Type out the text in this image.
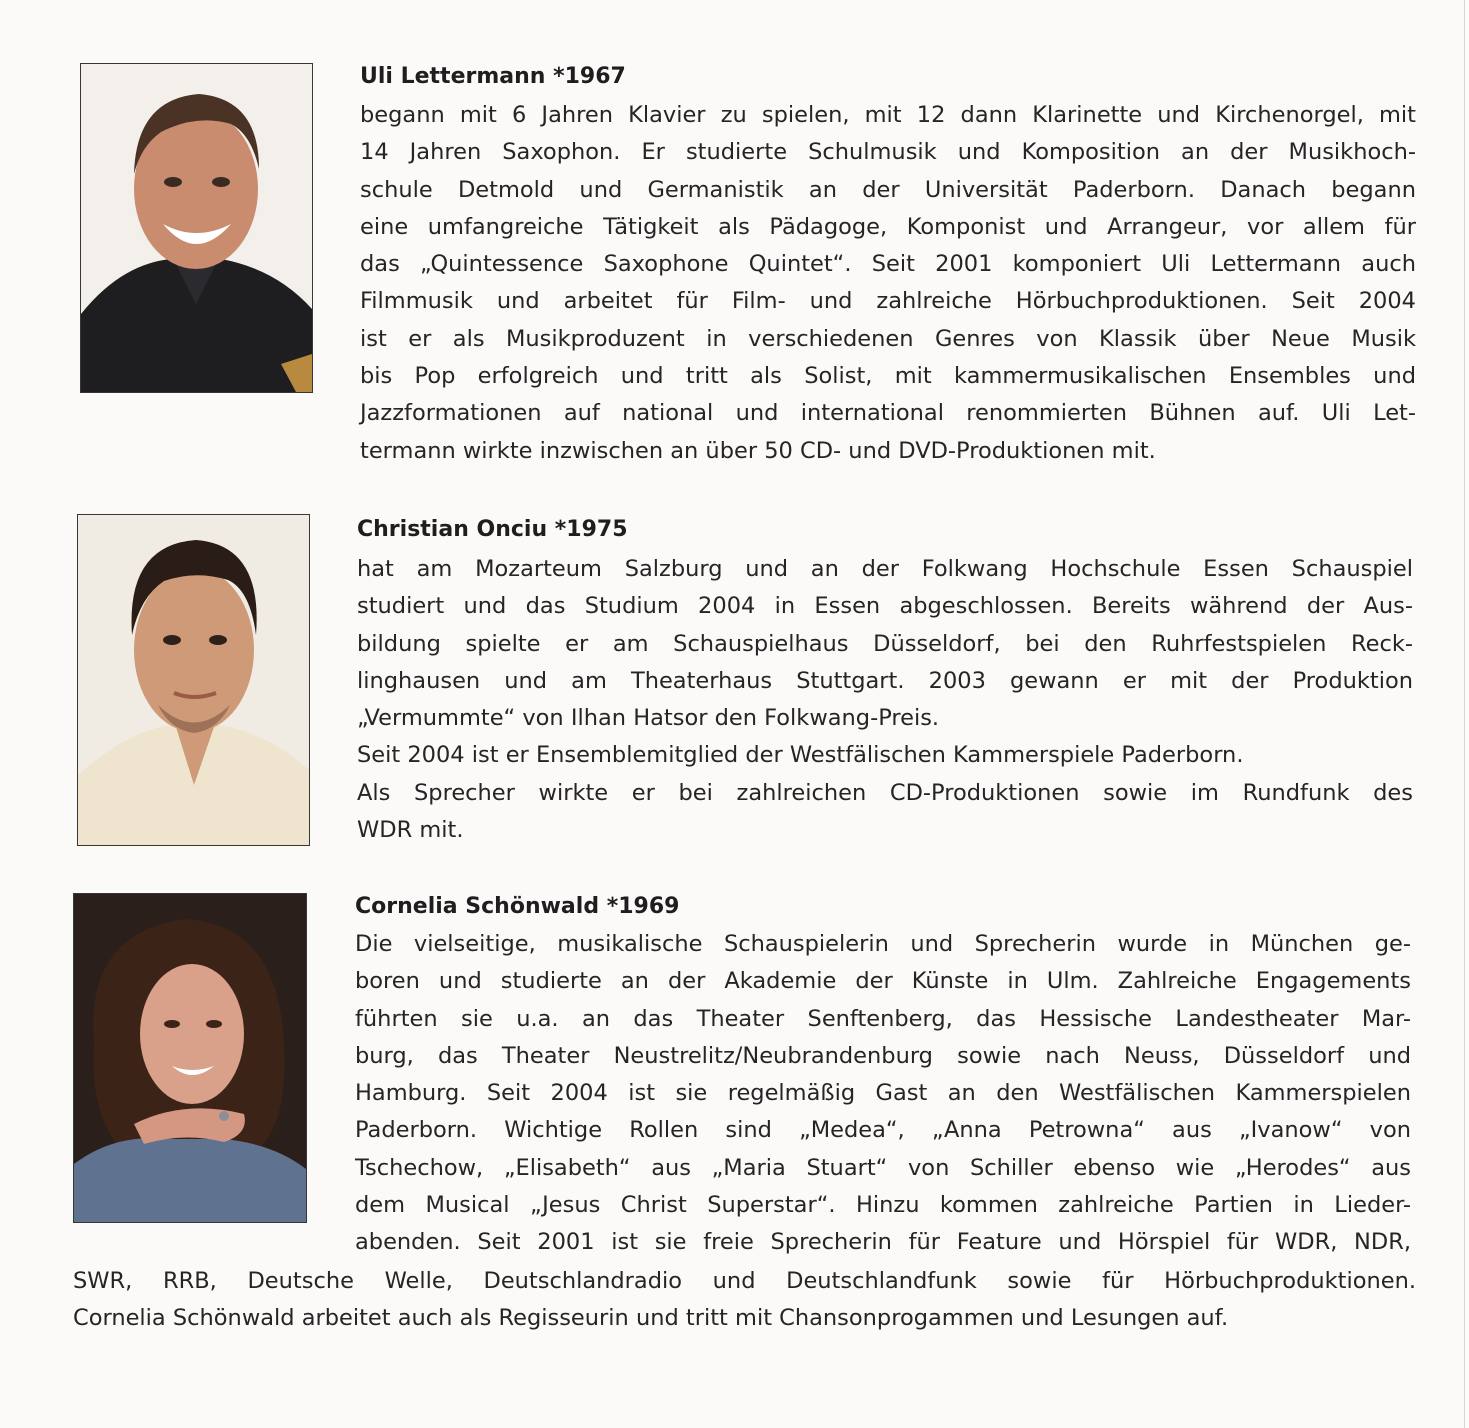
Uli Lettermann *1967
begann mit 6 Jahren Klavier zu spielen, mit 12 dann Klarinette und Kirchenorgel, mit
14 Jahren Saxophon. Er studierte Schulmusik und Komposition an der Musikhoch-
schule Detmold und Germanistik an der Universität Paderborn. Danach begann
eine umfangreiche Tätigkeit als Pädagoge, Komponist und Arrangeur, vor allem für
das „Quintessence Saxophone Quintet“. Seit 2001 komponiert Uli Lettermann auch
Filmmusik und arbeitet für Film- und zahlreiche Hörbuchproduktionen. Seit 2004
ist er als Musikproduzent in verschiedenen Genres von Klassik über Neue Musik
bis Pop erfolgreich und tritt als Solist, mit kammermusikalischen Ensembles und
Jazzformationen auf national und international renommierten Bühnen auf. Uli Let-
termann wirkte inzwischen an über 50 CD- und DVD-Produktionen mit.
Christian Onciu *1975
hat am Mozarteum Salzburg und an der Folkwang Hochschule Essen Schauspiel
studiert und das Studium 2004 in Essen abgeschlossen. Bereits während der Aus-
bildung spielte er am Schauspielhaus Düsseldorf, bei den Ruhrfestspielen Reck-
linghausen und am Theaterhaus Stuttgart. 2003 gewann er mit der Produktion
„Vermummte“ von Ilhan Hatsor den Folkwang-Preis.
Seit 2004 ist er Ensemblemitglied der Westfälischen Kammerspiele Paderborn.
Als Sprecher wirkte er bei zahlreichen CD-Produktionen sowie im Rundfunk des
WDR mit.
Cornelia Schönwald *1969
Die vielseitige, musikalische Schauspielerin und Sprecherin wurde in München ge-
boren und studierte an der Akademie der Künste in Ulm. Zahlreiche Engagements
führten sie u.a. an das Theater Senftenberg, das Hessische Landestheater Mar-
burg, das Theater Neustrelitz/Neubrandenburg sowie nach Neuss, Düsseldorf und
Hamburg. Seit 2004 ist sie regelmäßig Gast an den Westfälischen Kammerspielen
Paderborn. Wichtige Rollen sind „Medea“, „Anna Petrowna“ aus „Ivanow“ von
Tschechow, „Elisabeth“ aus „Maria Stuart“ von Schiller ebenso wie „Herodes“ aus
dem Musical „Jesus Christ Superstar“. Hinzu kommen zahlreiche Partien in Lieder-
abenden. Seit 2001 ist sie freie Sprecherin für Feature und Hörspiel für WDR, NDR,
SWR, RRB, Deutsche Welle, Deutschlandradio und Deutschlandfunk sowie für Hörbuchproduktionen.
Cornelia Schönwald arbeitet auch als Regisseurin und tritt mit Chansonprogammen und Lesungen auf.
